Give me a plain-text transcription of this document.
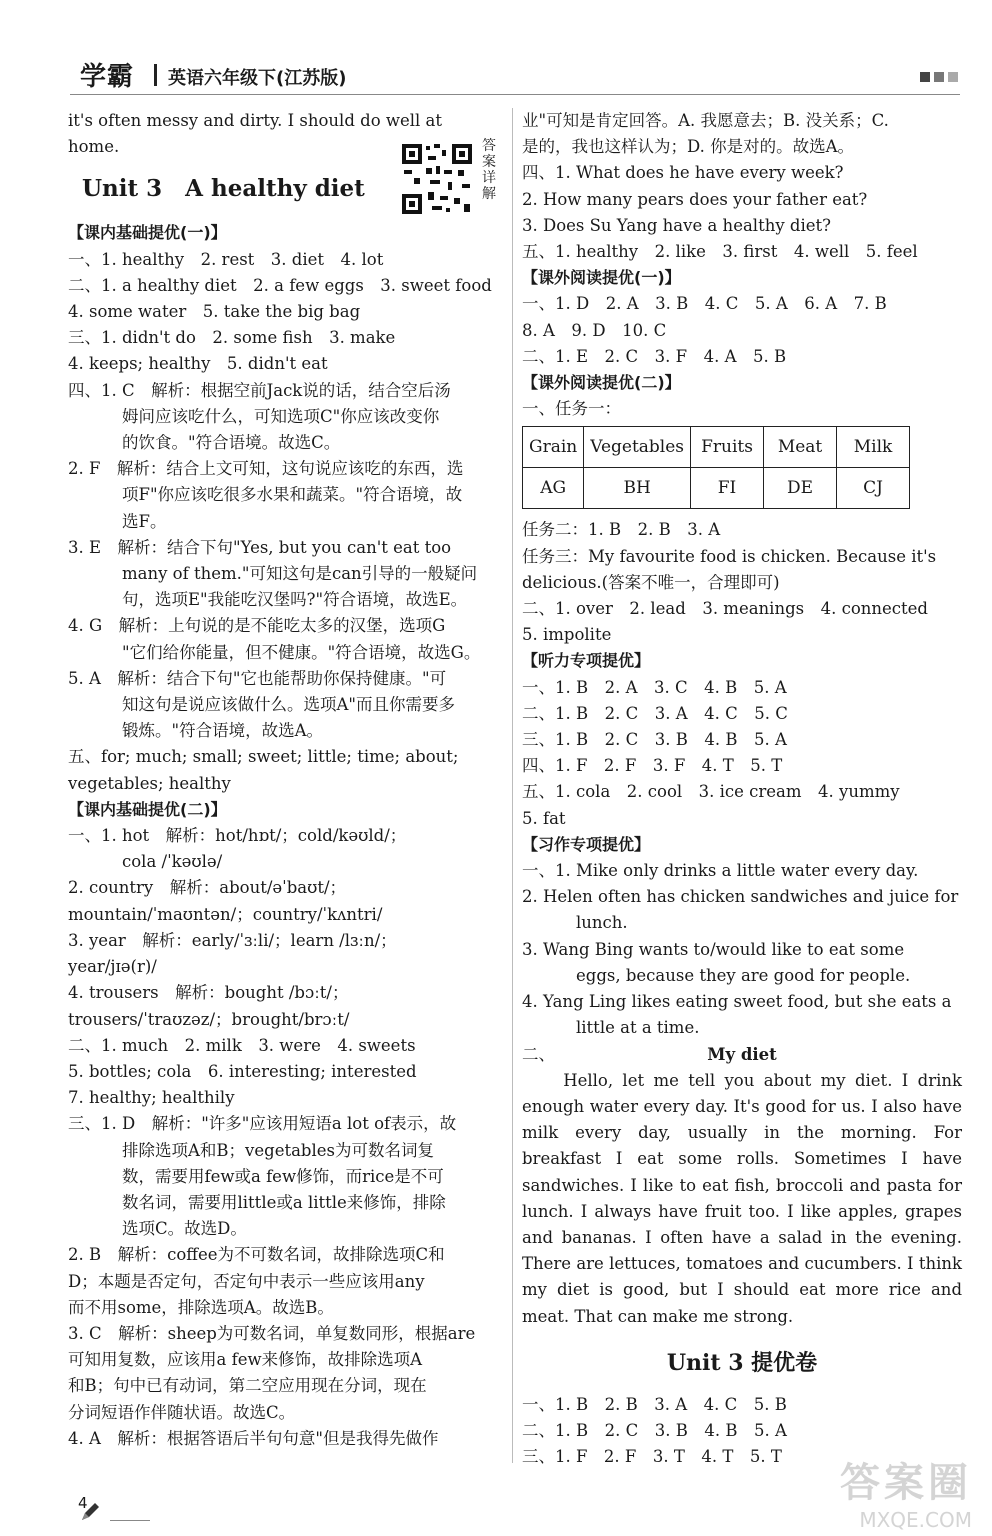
学霸 英语六年级下(江苏版)
it's often messy and dirty. I should do well at home.
Unit 3　A healthy diet
答案详解
【课内基础提优(一)】
一、1. healthy　2. rest　3. diet　4. lot
二、1. a healthy diet　2. a few eggs　3. sweet food
4. some water　5. take the big bag
三、1. didn't do　2. some fish　3. make
4. keeps; healthy　5. didn't eat
四、1. C　解析：根据空前Jack说的话，结合空后汤
姆问应该吃什么，可知选项C"你应该改变你
的饮食。"符合语境。故选C。
2. F　解析：结合上文可知，这句说应该吃的东西，选
项F"你应该吃很多水果和蔬菜。"符合语境，故
选F。
3. E　解析：结合下句"Yes, but you can't eat too
many of them."可知这句是can引导的一般疑问
句，选项E"我能吃汉堡吗?"符合语境，故选E。
4. G　解析：上句说的是不能吃太多的汉堡，选项G
"它们给你能量，但不健康。"符合语境，故选G。
5. A　解析：结合下句"它也能帮助你保持健康。"可
知这句是说应该做什么。选项A"而且你需要多
锻炼。"符合语境，故选A。
五、for; much; small; sweet; little; time; about;
vegetables; healthy
【课内基础提优(二)】
一、1. hot　解析：hot/hɒt/；cold/kəʊld/；
cola /ˈkəʊlə/
2. country　解析：about/əˈbaʊt/；
mountain/ˈmaʊntən/；country/ˈkʌntri/
3. year　解析：early/ˈɜːli/；learn /lɜːn/；
year/jɪə(r)/
4. trousers　解析：bought /bɔːt/；
trousers/ˈtraʊzəz/；brought/brɔːt/
二、1. much　2. milk　3. were　4. sweets
5. bottles; cola　6. interesting; interested
7. healthy; healthily
三、1. D　解析："许多"应该用短语a lot of表示，故
排除选项A和B；vegetables为可数名词复
数，需要用few或a few修饰，而rice是不可
数名词，需要用little或a little来修饰，排除
选项C。故选D。
2. B　解析：coffee为不可数名词，故排除选项C和
D；本题是否定句，否定句中表示一些应该用any
而不用some，排除选项A。故选B。
3. C　解析：sheep为可数名词，单复数同形，根据are
可知用复数，应该用a few来修饰，故排除选项A
和B；句中已有动词，第二空应用现在分词，现在
分词短语作伴随状语。故选C。
4. A　解析：根据答语后半句句意"但是我得先做作
业"可知是肯定回答。A. 我愿意去；B. 没关系；C.
是的，我也这样认为；D. 你是对的。故选A。
四、1. What does he have every week?
2. How many pears does your father eat?
3. Does Su Yang have a healthy diet?
五、1. healthy　2. like　3. first　4. well　5. feel
【课外阅读提优(一)】
一、1. D　2. A　3. B　4. C　5. A　6. A　7. B
8. A　9. D　10. C
二、1. E　2. C　3. F　4. A　5. B
【课外阅读提优(二)】
一、任务一：
Grain	Vegetables	Fruits	Meat	Milk
AG	BH	FI	DE	CJ
任务二：1. B　2. B　3. A
任务三：My favourite food is chicken. Because it's
delicious.(答案不唯一，合理即可)
二、1. over　2. lead　3. meanings　4. connected
5. impolite
【听力专项提优】
一、1. B　2. A　3. C　4. B　5. A
二、1. B　2. C　3. A　4. C　5. C
三、1. B　2. C　3. B　4. B　5. A
四、1. F　2. F　3. F　4. T　5. T
五、1. cola　2. cool　3. ice cream　4. yummy
5. fat
【习作专项提优】
一、1. Mike only drinks a little water every day.
2. Helen often has chicken sandwiches and juice for
lunch.
3. Wang Bing wants to/would like to eat some
eggs, because they are good for people.
4. Yang Ling likes eating sweet food, but she eats a
little at a time.
二、	My diet
　　Hello, let me tell you about my diet. I drink enough water every day. It's good for us. I also have milk every day, usually in the morning. For breakfast I eat some rolls. Sometimes I have sandwiches. I like to eat fish, broccoli and pasta for lunch. I always have fruit too. I like apples, grapes and bananas. I often have a salad in the evening. There are lettuces, tomatoes and cucumbers. I think my diet is good, but I should eat more rice and meat. That can make me strong.
Unit 3 提优卷
一、1. B　2. B　3. A　4. C　5. B
二、1. B　2. C　3. B　4. B　5. A
三、1. F　2. F　3. T　4. T　5. T
4	答案圈
MXQE.COM
